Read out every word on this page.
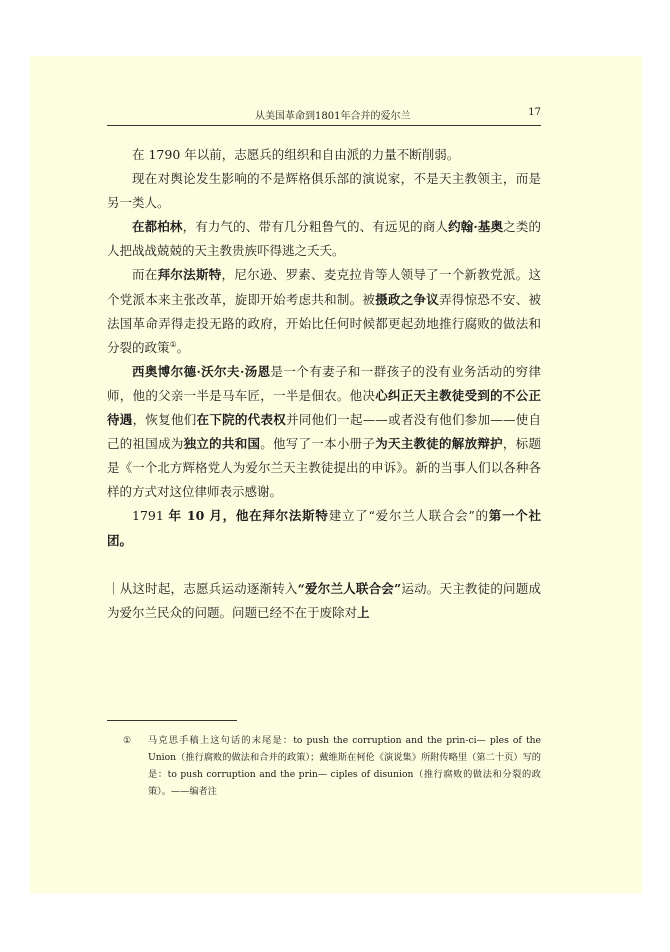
从美国革命到1801年合并的爱尔兰	17

在 1790 年以前，志愿兵的组织和自由派的力量不断削弱。

现在对舆论发生影响的不是辉格俱乐部的演说家，不是天主教领主，而是另一类人。

在都柏林，有力气的、带有几分粗鲁气的、有远见的商人约翰·基奥之类的人把战战兢兢的天主教贵族吓得逃之夭夭。

而在拜尔法斯特，尼尔逊、罗素、麦克拉肯等人领导了一个新教党派。这个党派本来主张改革，旋即开始考虑共和制。被摄政之争议弄得惊恐不安、被法国革命弄得走投无路的政府，开始比任何时候都更起劲地推行腐败的做法和分裂的政策①。

西奥博尔德·沃尔夫·汤恩是一个有妻子和一群孩子的没有业务活动的穷律师，他的父亲一半是马车匠，一半是佃农。他决心纠正天主教徒受到的不公正待遇，恢复他们在下院的代表权并同他们一起——或者没有他们参加——使自己的祖国成为独立的共和国。他写了一本小册子为天主教徒的解放辩护，标题是《一个北方辉格党人为爱尔兰天主教徒提出的申诉》。新的当事人们以各种各样的方式对这位律师表示感谢。

1791 年 10 月，他在拜尔法斯特建立了“爱尔兰人联合会”的第一个社团。

｜从这时起，志愿兵运动逐渐转入“爱尔兰人联合会”运动。天主教徒的问题成为爱尔兰民众的问题。问题已经不在于废除对上

① 马克思手稿上这句话的末尾是：to push the corruption and the prin-ci— ples of the Union（推行腐败的做法和合并的政策）；戴维斯在柯伦《演说集》所附传略里（第二十页）写的是：to push corruption and the prin— ciples of disunion（推行腐败的做法和分裂的政策）。——编者注
